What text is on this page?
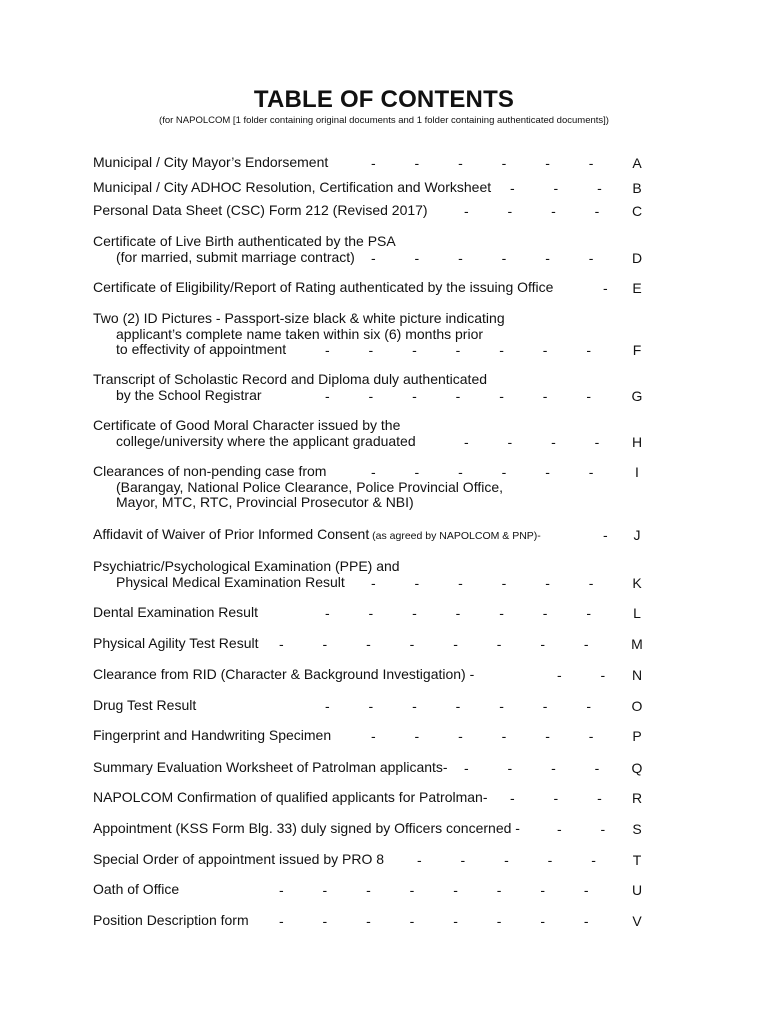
TABLE OF CONTENTS
(for NAPOLCOM [1 folder containing original documents and 1 folder containing authenticated documents])
Municipal / City Mayor’s Endorsement	-          -          -          -          -          -	A
Municipal / City ADHOC Resolution, Certification and Worksheet	-          -          - B
Personal Data Sheet (CSC) Form 212 (Revised 2017)	-          -          -          - C
Certificate of Live Birth authenticated by the PSA
(for married, submit marriage contract)	-          -          -          -          -          -	D
Certificate of Eligibility/Report of Rating authenticated by the issuing Office	- E
Two (2) ID Pictures - Passport-size black & white picture indicating
applicant’s complete name taken within six (6) months prior
to effectivity of appointment	-          -          -          -          -          -          -	F
Transcript of Scholastic Record and Diploma duly authenticated
by the School Registrar	-          -          -          -          -          -          -	G
Certificate of Good Moral Character issued by the
college/university where the applicant graduated	-          -          -          - H
Clearances of non-pending case from
(Barangay, National Police Clearance, Police Provincial Office,
Mayor, MTC, RTC, Provincial Prosecutor & NBI)
-          -          -          -          -          -	I
Affidavit of Waiver of Prior Informed Consent (as agreed by NAPOLCOM & PNP)-	- J
Psychiatric/Psychological Examination (PPE) and
Physical Medical Examination Result	-          -          -          -          -          -	K
Dental Examination Result	-          -          -          -          -          -          -	L
Physical Agility Test Result	-          -          -          -          -          -          -          -	M
Clearance from RID (Character & Background Investigation) -	-          - N
Drug Test Result	-          -          -          -          -          -          -	O
Fingerprint and Handwriting Specimen	-          -          -          -          -          -	P
Summary Evaluation Worksheet of Patrolman applicants-	-          -          -          - Q
NAPOLCOM Confirmation of qualified applicants for Patrolman-	-          -          - R
Appointment (KSS Form Blg. 33) duly signed by Officers concerned -	-          - S
Special Order of appointment issued by PRO 8	-          -          -          -          -	T
Oath of Office	-          -          -          -          -          -          -          -	U
Position Description form	-          -          -          -          -          -          -          -	V
